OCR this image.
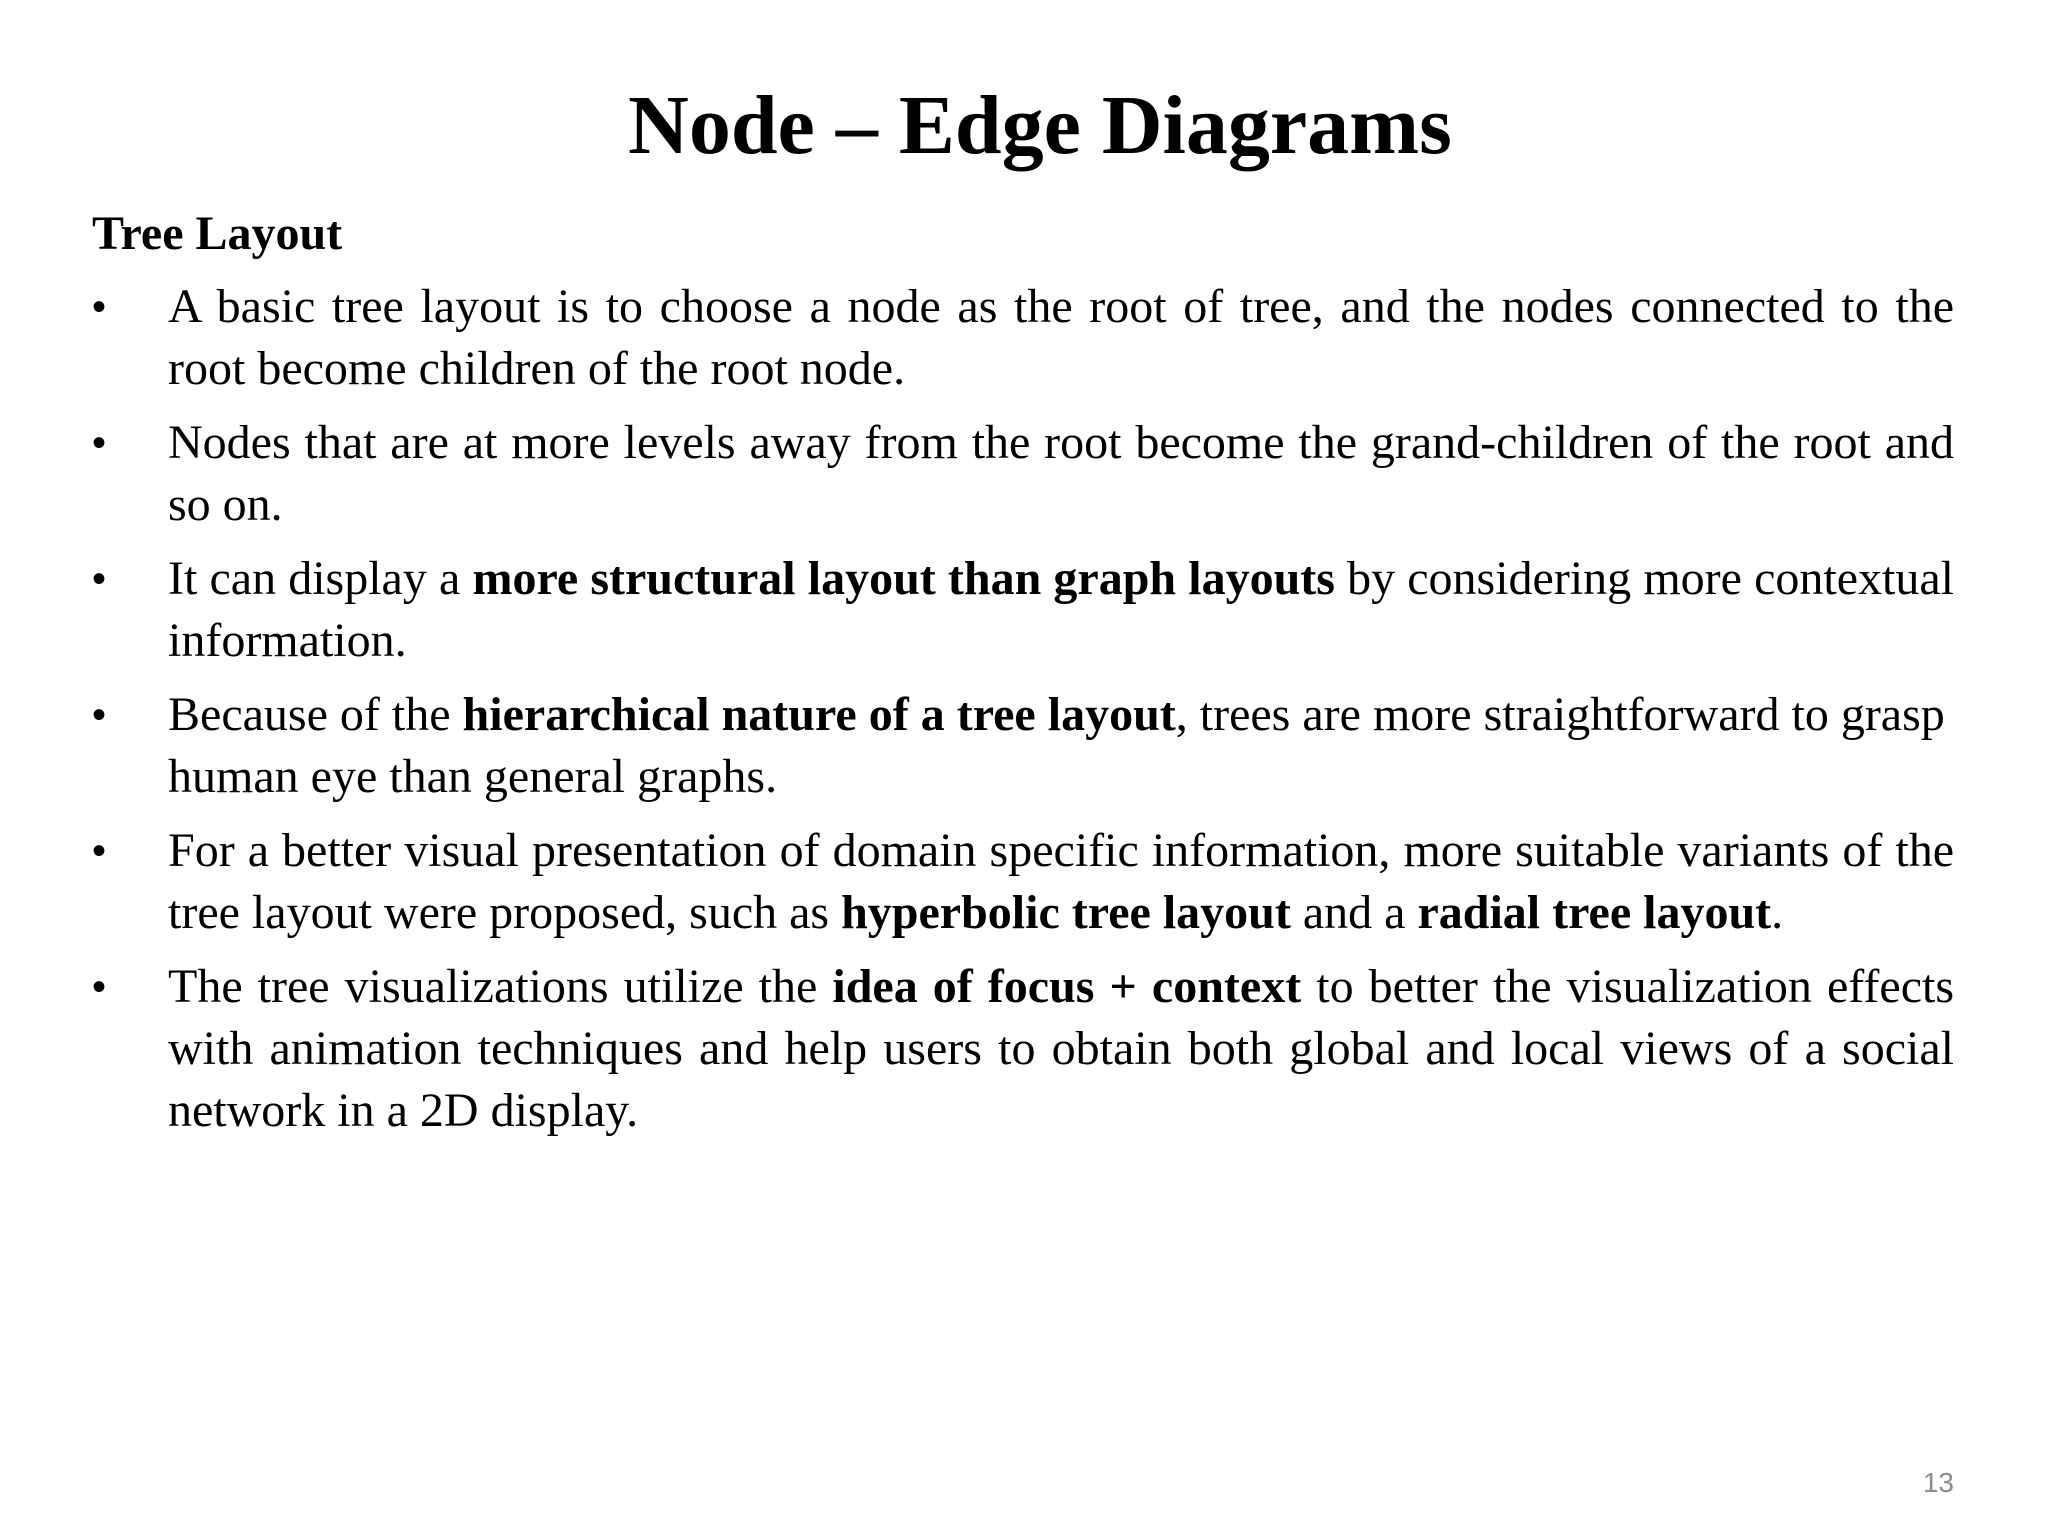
Node – Edge Diagrams
Tree Layout
• A basic tree layout is to choose a node as the root of tree, and the nodes connected to the root become children of the root node.
• Nodes that are at more levels away from the root become the grand-children of the root and so on.
• It can display a more structural layout than graph layouts by considering more contextual information.
• Because of the hierarchical nature of a tree layout, trees are more straightforward to grasp human eye than general graphs.
• For a better visual presentation of domain specific information, more suitable variants of the tree layout were proposed, such as hyperbolic tree layout and a radial tree layout.
• The tree visualizations utilize the idea of focus + context to better the visualization effects with animation techniques and help users to obtain both global and local views of a social network in a 2D display.
13
